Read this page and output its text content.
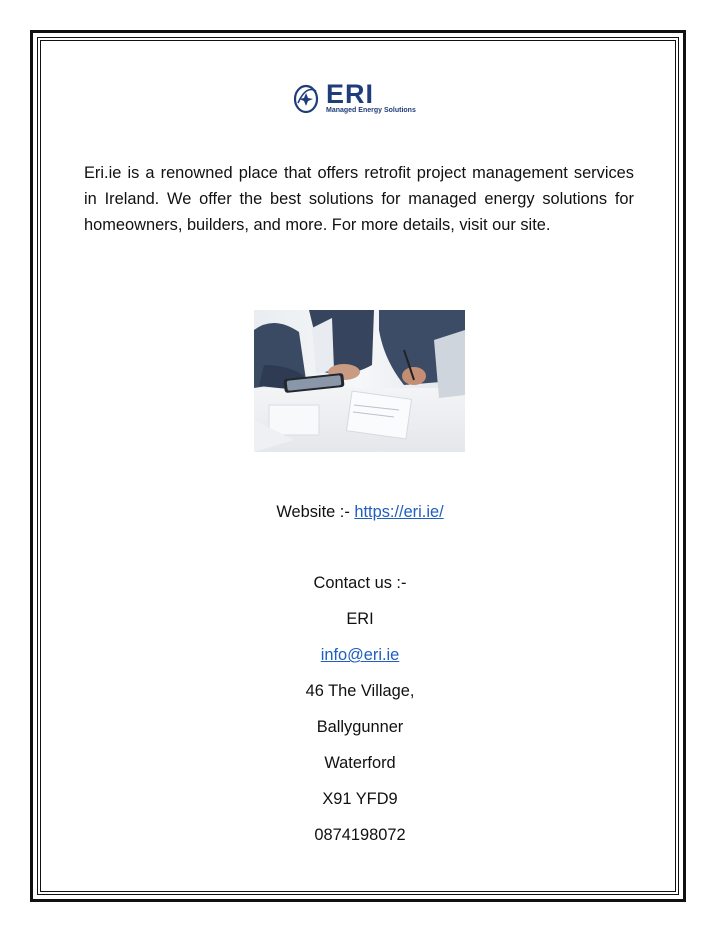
ERI
Managed Energy Solutions
Eri.ie is a renowned place that offers retrofit project management services in Ireland. We offer the best solutions for managed energy solutions for homeowners, builders, and more. For more details, visit our site.
Website :- https://eri.ie/
Contact us :-
ERI
info@eri.ie
46 The Village,
Ballygunner
Waterford
X91 YFD9
0874198072
